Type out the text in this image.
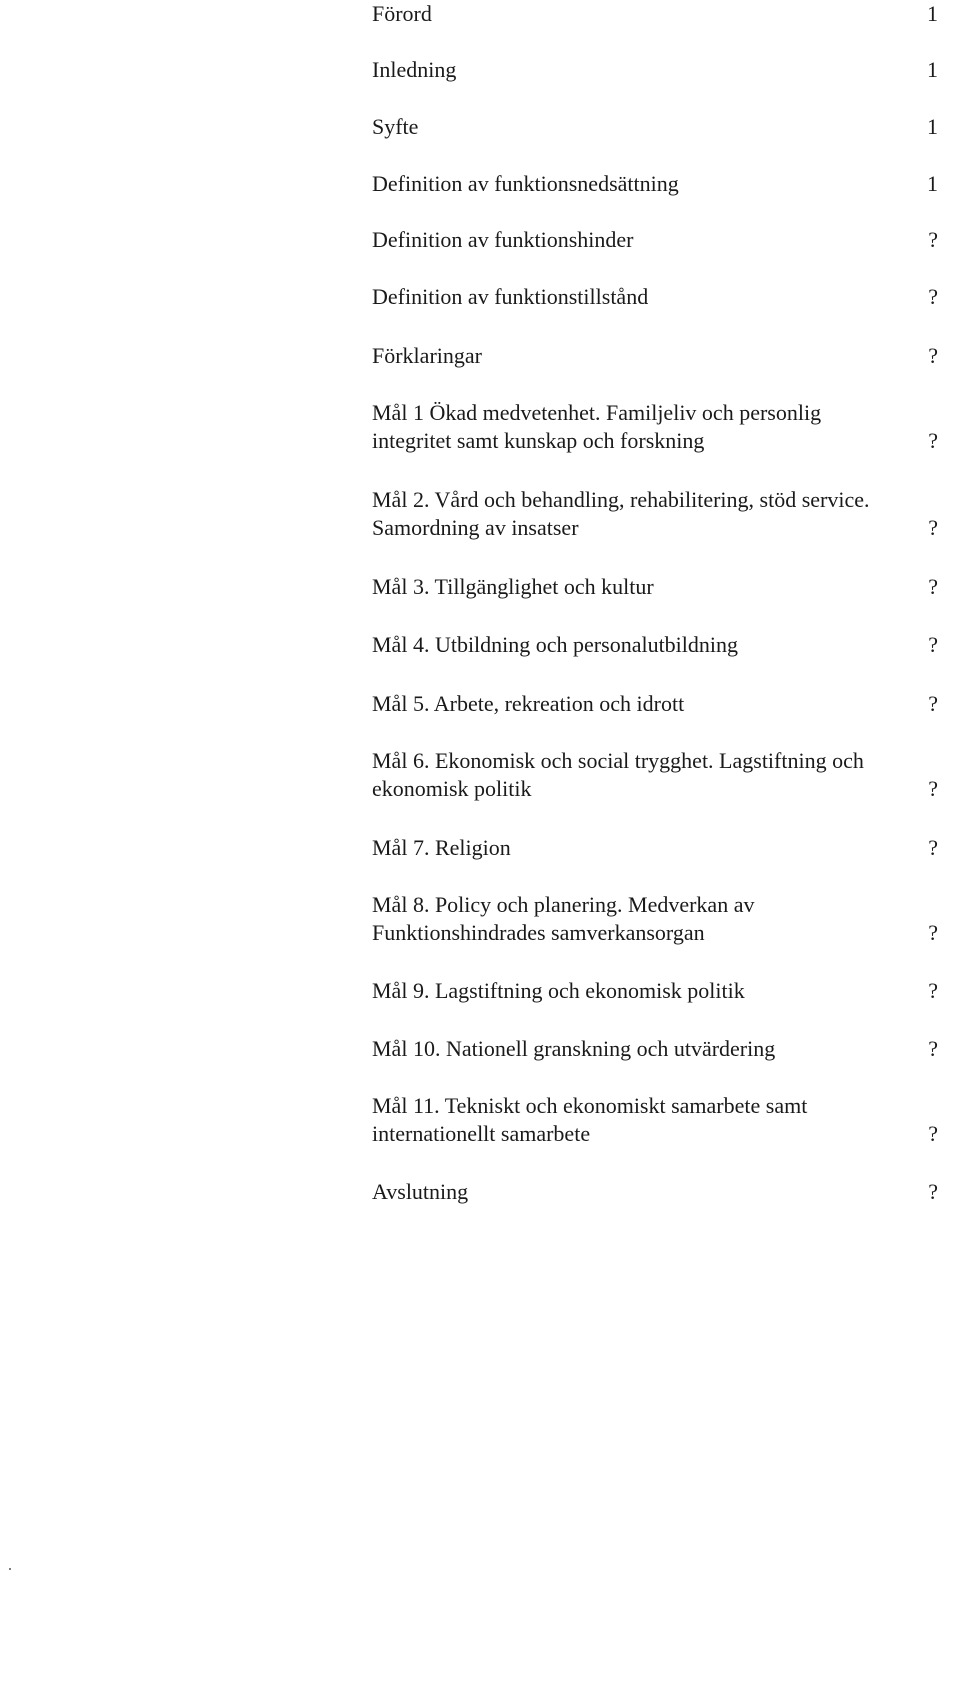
Förord	1
Inledning	1
Syfte	1
Definition av funktionsnedsättning	1
Definition av funktionshinder	?
Definition av funktionstillstånd	?
Förklaringar	?
Mål 1 Ökad medvetenhet. Familjeliv och personlig
integritet samt kunskap och forskning	?
Mål 2. Vård och behandling, rehabilitering, stöd service.
Samordning av insatser	?
Mål 3. Tillgänglighet och kultur	?
Mål 4. Utbildning och personalutbildning	?
Mål 5. Arbete, rekreation och idrott	?
Mål 6. Ekonomisk och social trygghet. Lagstiftning och
ekonomisk politik	?
Mål 7. Religion	?
Mål 8. Policy och planering. Medverkan av
Funktionshindrades samverkansorgan	?
Mål 9. Lagstiftning och ekonomisk politik	?
Mål 10. Nationell granskning och utvärdering	?
Mål 11. Tekniskt och ekonomiskt samarbete samt
internationellt samarbete	?
Avslutning	?
